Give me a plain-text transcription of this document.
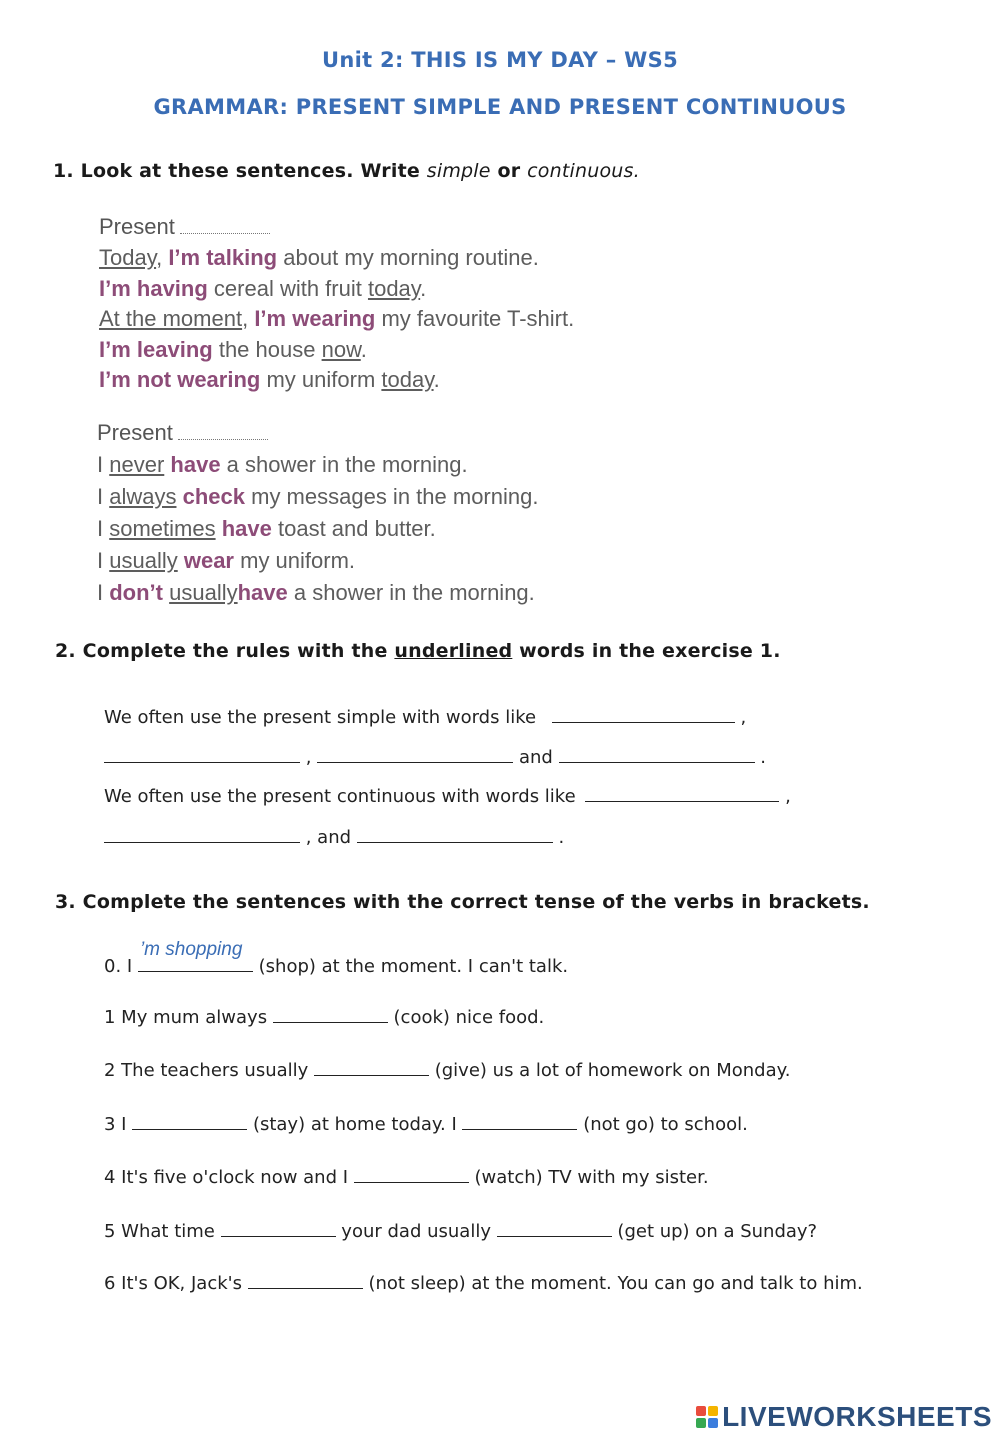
Unit 2: THIS IS MY DAY – WS5
GRAMMAR: PRESENT SIMPLE AND PRESENT CONTINUOUS
1. Look at these sentences. Write simple or continuous.
Present
Today, I’m talking about my morning routine.
I’m having cereal with fruit today.
At the moment, I’m wearing my favourite T-shirt.
I’m leaving the house now.
I’m not wearing my uniform today.
Present
I never have a shower in the morning.
I always check my messages in the morning.
I sometimes have toast and butter.
I usually wear my uniform.
I don’t usuallyhave a shower in the morning.
2. Complete the rules with the underlined words in the exercise 1.
We often use the present simple with words like	,
,	and	.
We often use the present continuous with words like	,
, and	.
3. Complete the sentences with the correct tense of the verbs in brackets.
0. I
’m shopping
(shop) at the moment. I can't talk.
1 My mum always	(cook) nice food.
2 The teachers usually	(give) us a lot of homework on Monday.
3 I	(stay) at home today. I	(not go) to school.
4 It's five o'clock now and I	(watch) TV with my sister.
5 What time	your dad usually	(get up) on a Sunday?
6 It's OK, Jack's	(not sleep) at the moment. You can go and talk to him.
LIVEWORKSHEETS
